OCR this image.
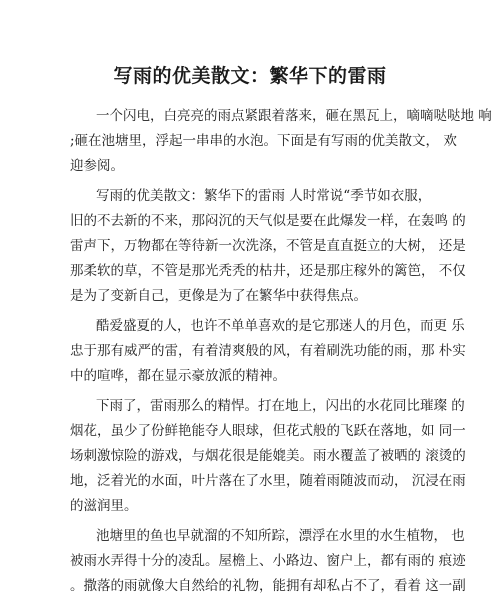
写雨的优美散文：繁华下的雷雨
一个闪电，白亮亮的雨点紧跟着落来，砸在黑瓦上，嘀嘀哒哒地 响
;砸在池塘里，浮起一串串的水泡。下面是有写雨的优美散文， 欢
迎参阅。
写雨的优美散文：繁华下的雷雨 人时常说“季节如衣服，
旧的不去新的不来，那闷沉的天气似是要在此爆发一样，在轰鸣 的
雷声下，万物都在等待新一次洗涤，不管是直直挺立的大树， 还是
那柔软的草，不管是那光秃秃的枯井，还是那庄稼外的篱笆， 不仅
是为了变新自己，更像是为了在繁华中获得焦点。
酷爱盛夏的人，也许不单单喜欢的是它那迷人的月色，而更 乐
忠于那有威严的雷，有着清爽般的风，有着刷洗功能的雨，那 朴实
中的喧哗，都在显示豪放派的精神。
下雨了，雷雨那么的精悍。打在地上，闪出的水花同比璀璨 的
烟花，虽少了份鲜艳能夺人眼球，但花式般的飞跃在落地，如 同一
场刺激惊险的游戏，与烟花很是能媲美。雨水覆盖了被晒的 滚烫的
地，泛着光的水面，叶片落在了水里，随着雨随波而动， 沉浸在雨
的滋润里。
池塘里的鱼也早就溜的不知所踪，漂浮在水里的水生植物， 也
被雨水弄得十分的凌乱。屋檐上、小路边、窗户上，都有雨的 痕迹
。撒落的雨就像大自然给的礼物，能拥有却私占不了，看着 这一副
